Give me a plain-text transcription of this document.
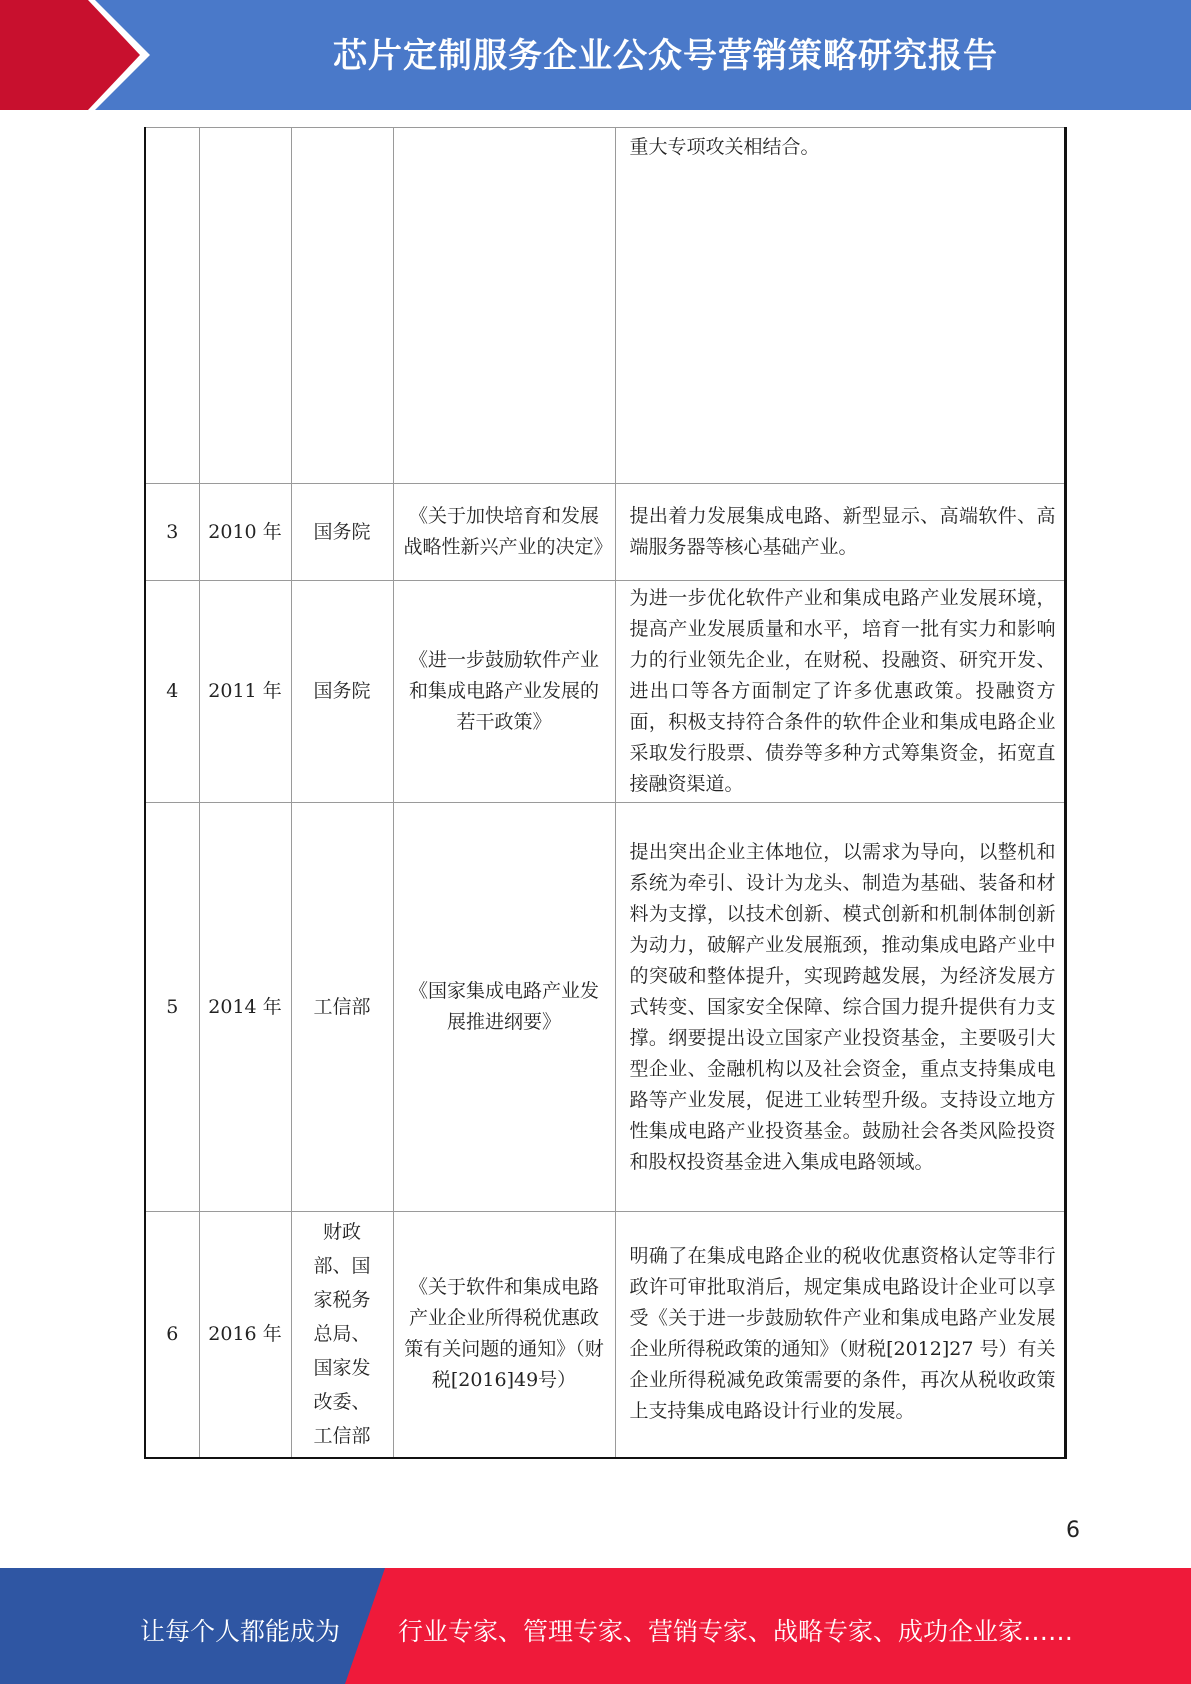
芯片定制服务企业公众号营销策略研究报告
				重大专项攻关相结合。
3	2010 年	国务院	《关于加快培育和发展战略性新兴产业的决定》	提出着力发展集成电路、新型显示、高端软件、高端服务器等核心基础产业。
4	2011 年	国务院	《进一步鼓励软件产业和集成电路产业发展的若干政策》	为进一步优化软件产业和集成电路产业发展环境，提高产业发展质量和水平，培育一批有实力和影响力的行业领先企业，在财税、投融资、研究开发、进出口等各方面制定了许多优惠政策。投融资方面，积极支持符合条件的软件企业和集成电路企业采取发行股票、债券等多种方式筹集资金，拓宽直接融资渠道。
5	2014 年	工信部	《国家集成电路产业发展推进纲要》	提出突出企业主体地位，以需求为导向，以整机和系统为牵引、设计为龙头、制造为基础、装备和材料为支撑，以技术创新、模式创新和机制体制创新为动力，破解产业发展瓶颈，推动集成电路产业中的突破和整体提升，实现跨越发展，为经济发展方式转变、国家安全保障、综合国力提升提供有力支撑。纲要提出设立国家产业投资基金，主要吸引大型企业、金融机构以及社会资金，重点支持集成电路等产业发展，促进工业转型升级。支持设立地方性集成电路产业投资基金。鼓励社会各类风险投资和股权投资基金进入集成电路领域。
6	2016 年	财政部、国家税务总局、国家发改委、工信部	《关于软件和集成电路产业企业所得税优惠政策有关问题的通知》（财税[2016]49号）	明确了在集成电路企业的税收优惠资格认定等非行政许可审批取消后，规定集成电路设计企业可以享受《关于进一步鼓励软件产业和集成电路产业发展企业所得税政策的通知》（财税[2012]27 号）有关企业所得税减免政策需要的条件，再次从税收政策上支持集成电路设计行业的发展。
6
让每个人都能成为 行业专家、管理专家、营销专家、战略专家、成功企业家……
